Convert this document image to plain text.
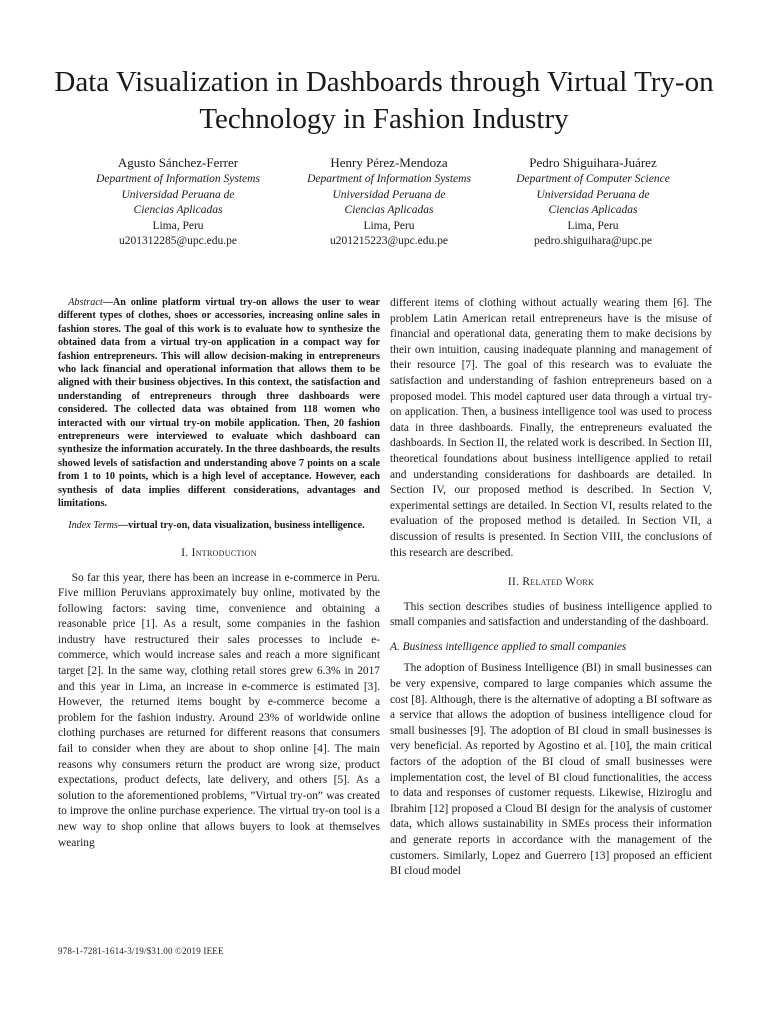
Data Visualization in Dashboards through Virtual Try-on Technology in Fashion Industry
Agusto Sánchez-Ferrer
Department of Information Systems
Universidad Peruana de Ciencias Aplicadas
Lima, Peru
u201312285@upc.edu.pe
Henry Pérez-Mendoza
Department of Information Systems
Universidad Peruana de Ciencias Aplicadas
Lima, Peru
u201215223@upc.edu.pe
Pedro Shiguihara-Juárez
Department of Computer Science
Universidad Peruana de Ciencias Aplicadas
Lima, Peru
pedro.shiguihara@upc.pe

Abstract—An online platform virtual try-on allows the user to wear different types of clothes, shoes or accessories, increasing online sales in fashion stores. The goal of this work is to evaluate how to synthesize the obtained data from a virtual try-on application in a compact way for fashion entrepreneurs. This will allow decision-making in entrepreneurs who lack financial and operational information that allows them to be aligned with their business objectives. In this context, the satisfaction and understanding of entrepreneurs through three dashboards were considered. The collected data was obtained from 118 women who interacted with our virtual try-on mobile application. Then, 20 fashion entrepreneurs were interviewed to evaluate which dashboard can synthesize the information accurately. In the three dashboards, the results showed levels of satisfaction and understanding above 7 points on a scale from 1 to 10 points, which is a high level of acceptance. However, each synthesis of data implies different considerations, advantages and limitations.

Index Terms—virtual try-on, data visualization, business intelligence.

I. Introduction

So far this year, there has been an increase in e-commerce in Peru. Five million Peruvians approximately buy online, motivated by the following factors: saving time, convenience and obtaining a reasonable price [1]. As a result, some companies in the fashion industry have restructured their sales processes to include e-commerce, which would increase sales and reach a more significant target [2]. In the same way, clothing retail stores grew 6.3% in 2017 and this year in Lima, an increase in e-commerce is estimated [3]. However, the returned items bought by e-commerce become a problem for the fashion industry. Around 23% of worldwide online clothing purchases are returned for different reasons that consumers fail to consider when they are about to shop online [4]. The main reasons why consumers return the product are wrong size, product expectations, product defects, late delivery, and others [5]. As a solution to the aforementioned problems, ”Virtual try-on” was created to improve the online purchase experience. The virtual try-on tool is a new way to shop online that allows buyers to look at themselves wearing

different items of clothing without actually wearing them [6]. The problem Latin American retail entrepreneurs have is the misuse of financial and operational data, generating them to make decisions by their own intuition, causing inadequate planning and management of their resource [7]. The goal of this research was to evaluate the satisfaction and understanding of fashion entrepreneurs based on a proposed model. This model captured user data through a virtual try-on application. Then, a business intelligence tool was used to process data in three dashboards. Finally, the entrepreneurs evaluated the dashboards. In Section II, the related work is described. In Section III, theoretical foundations about business intelligence applied to retail and understanding considerations for dashboards are detailed. In Section IV, our proposed method is described. In Section V, experimental settings are detailed. In Section VI, results related to the evaluation of the proposed method is detailed. In Section VII, a discussion of results is presented. In Section VIII, the conclusions of this research are described.

II. Related Work

This section describes studies of business intelligence applied to small companies and satisfaction and understanding of the dashboard.

A. Business intelligence applied to small companies

The adoption of Business Intelligence (BI) in small businesses can be very expensive, compared to large companies which assume the cost [8]. Although, there is the alternative of adopting a BI software as a service that allows the adoption of business intelligence cloud for small businesses [9]. The adoption of BI cloud in small businesses is very beneficial. As reported by Agostino et al. [10], the main critical factors of the adoption of the BI cloud of small businesses were implementation cost, the level of BI cloud functionalities, the access to data and responses of customer requests. Likewise, Hiziroglu and Ibrahim [12] proposed a Cloud BI design for the analysis of customer data, which allows sustainability in SMEs process their information and generate reports in accordance with the management of the customers. Similarly, Lopez and Guerrero [13] proposed an efficient BI cloud model

978-1-7281-1614-3/19/$31.00 ©2019 IEEE
